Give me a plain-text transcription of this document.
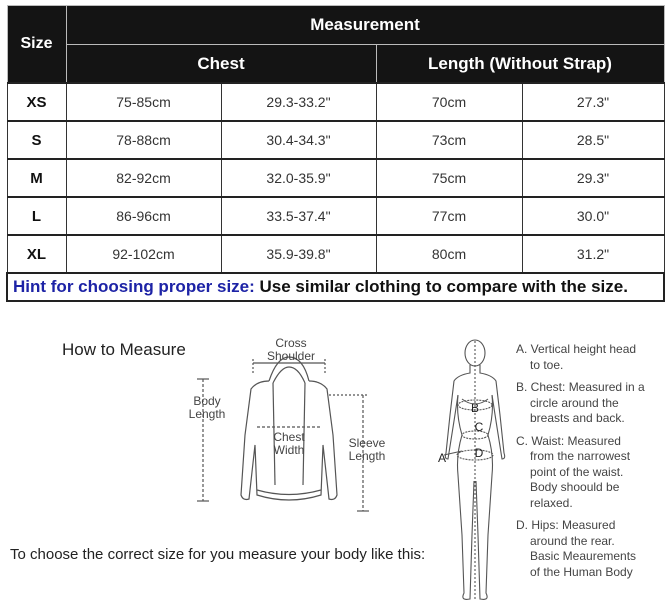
Size	Measurement			
	Chest		Length (Without Strap)	
XS	75-85cm	29.3-33.2"	70cm	27.3"
S	78-88cm	30.4-34.3"	73cm	28.5"
M	82-92cm	32.0-35.9"	75cm	29.3"
L	86-96cm	33.5-37.4"	77cm	30.0"
XL	92-102cm	35.9-39.8"	80cm	31.2"
Hint for choosing proper size: Use similar clothing to compare with the size.				
How to Measure	Cross
Shoulder
Body
Length
Chest
Width	Sleeve
Length
To choose the correct size for you measure your body like this:
B
C
D
A
A. Vertical height head
to toe.
B. Chest: Measured in a
circle around the
breasts and back.
C. Waist: Measured
from the narrowest
point of the waist.
Body shoould be
relaxed.
D. Hips: Measured
around the rear.
Basic Meaurements
of the Human Body
